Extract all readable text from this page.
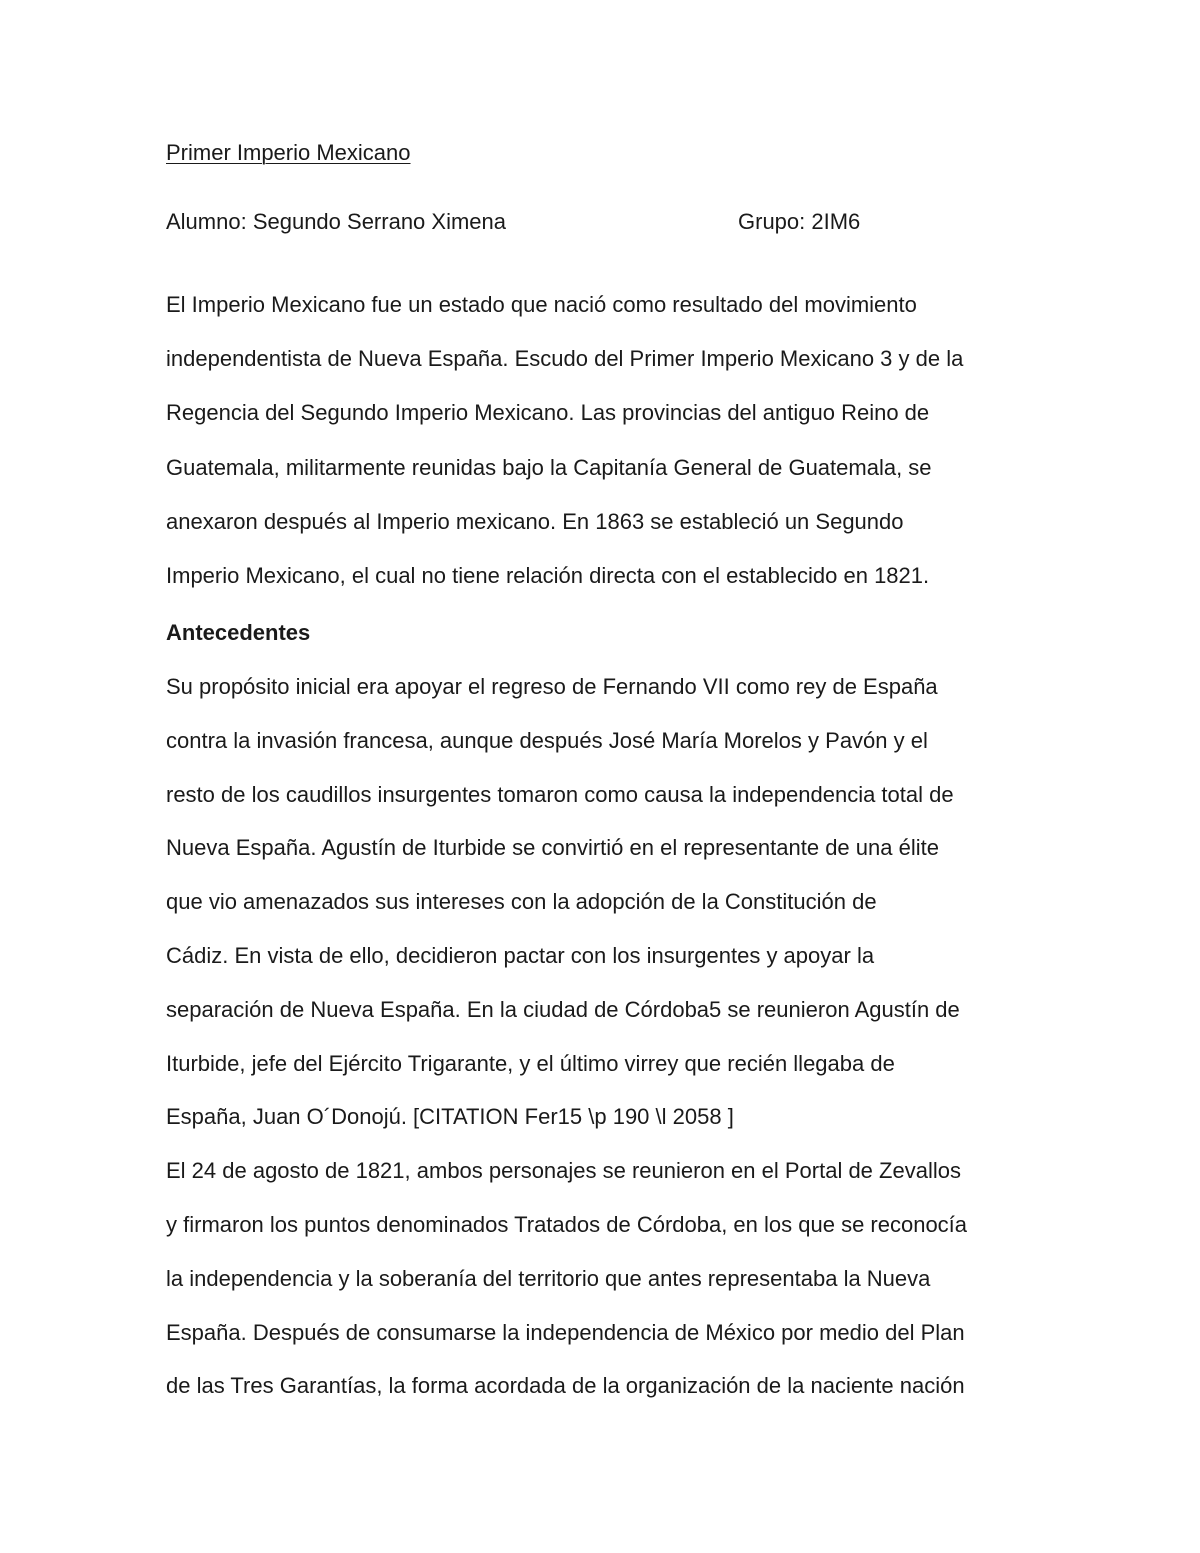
Primer Imperio Mexicano
Alumno: Segundo Serrano Ximena	Grupo: 2IM6

El Imperio Mexicano fue un estado que nació como resultado del movimiento

independentista de Nueva España. Escudo del Primer Imperio Mexicano 3 y de la

Regencia del Segundo Imperio Mexicano. Las provincias del antiguo Reino de

Guatemala, militarmente reunidas bajo la Capitanía General de Guatemala, se

anexaron después al Imperio mexicano. En 1863 se estableció un Segundo

Imperio Mexicano, el cual no tiene relación directa con el establecido en 1821.

Antecedentes

Su propósito inicial era apoyar el regreso de Fernando VII como rey de España

contra la invasión francesa, aunque después José María Morelos y Pavón y el

resto de los caudillos insurgentes tomaron como causa la independencia total de

Nueva España. Agustín de Iturbide se convirtió en el representante de una élite

que vio amenazados sus intereses con la adopción de la Constitución de

Cádiz. En vista de ello, decidieron pactar con los insurgentes y apoyar la

separación de Nueva España. En la ciudad de Córdoba5 se reunieron Agustín de

Iturbide, jefe del Ejército Trigarante, y el último virrey que recién llegaba de

España, Juan O´Donojú. [CITATION Fer15 \p 190 \l 2058 ]

El 24 de agosto de 1821, ambos personajes se reunieron en el Portal de Zevallos

y firmaron los puntos denominados Tratados de Córdoba, en los que se reconocía

la independencia y la soberanía del territorio que antes representaba la Nueva

España. Después de consumarse la independencia de México por medio del Plan

de las Tres Garantías, la forma acordada de la organización de la naciente nación
